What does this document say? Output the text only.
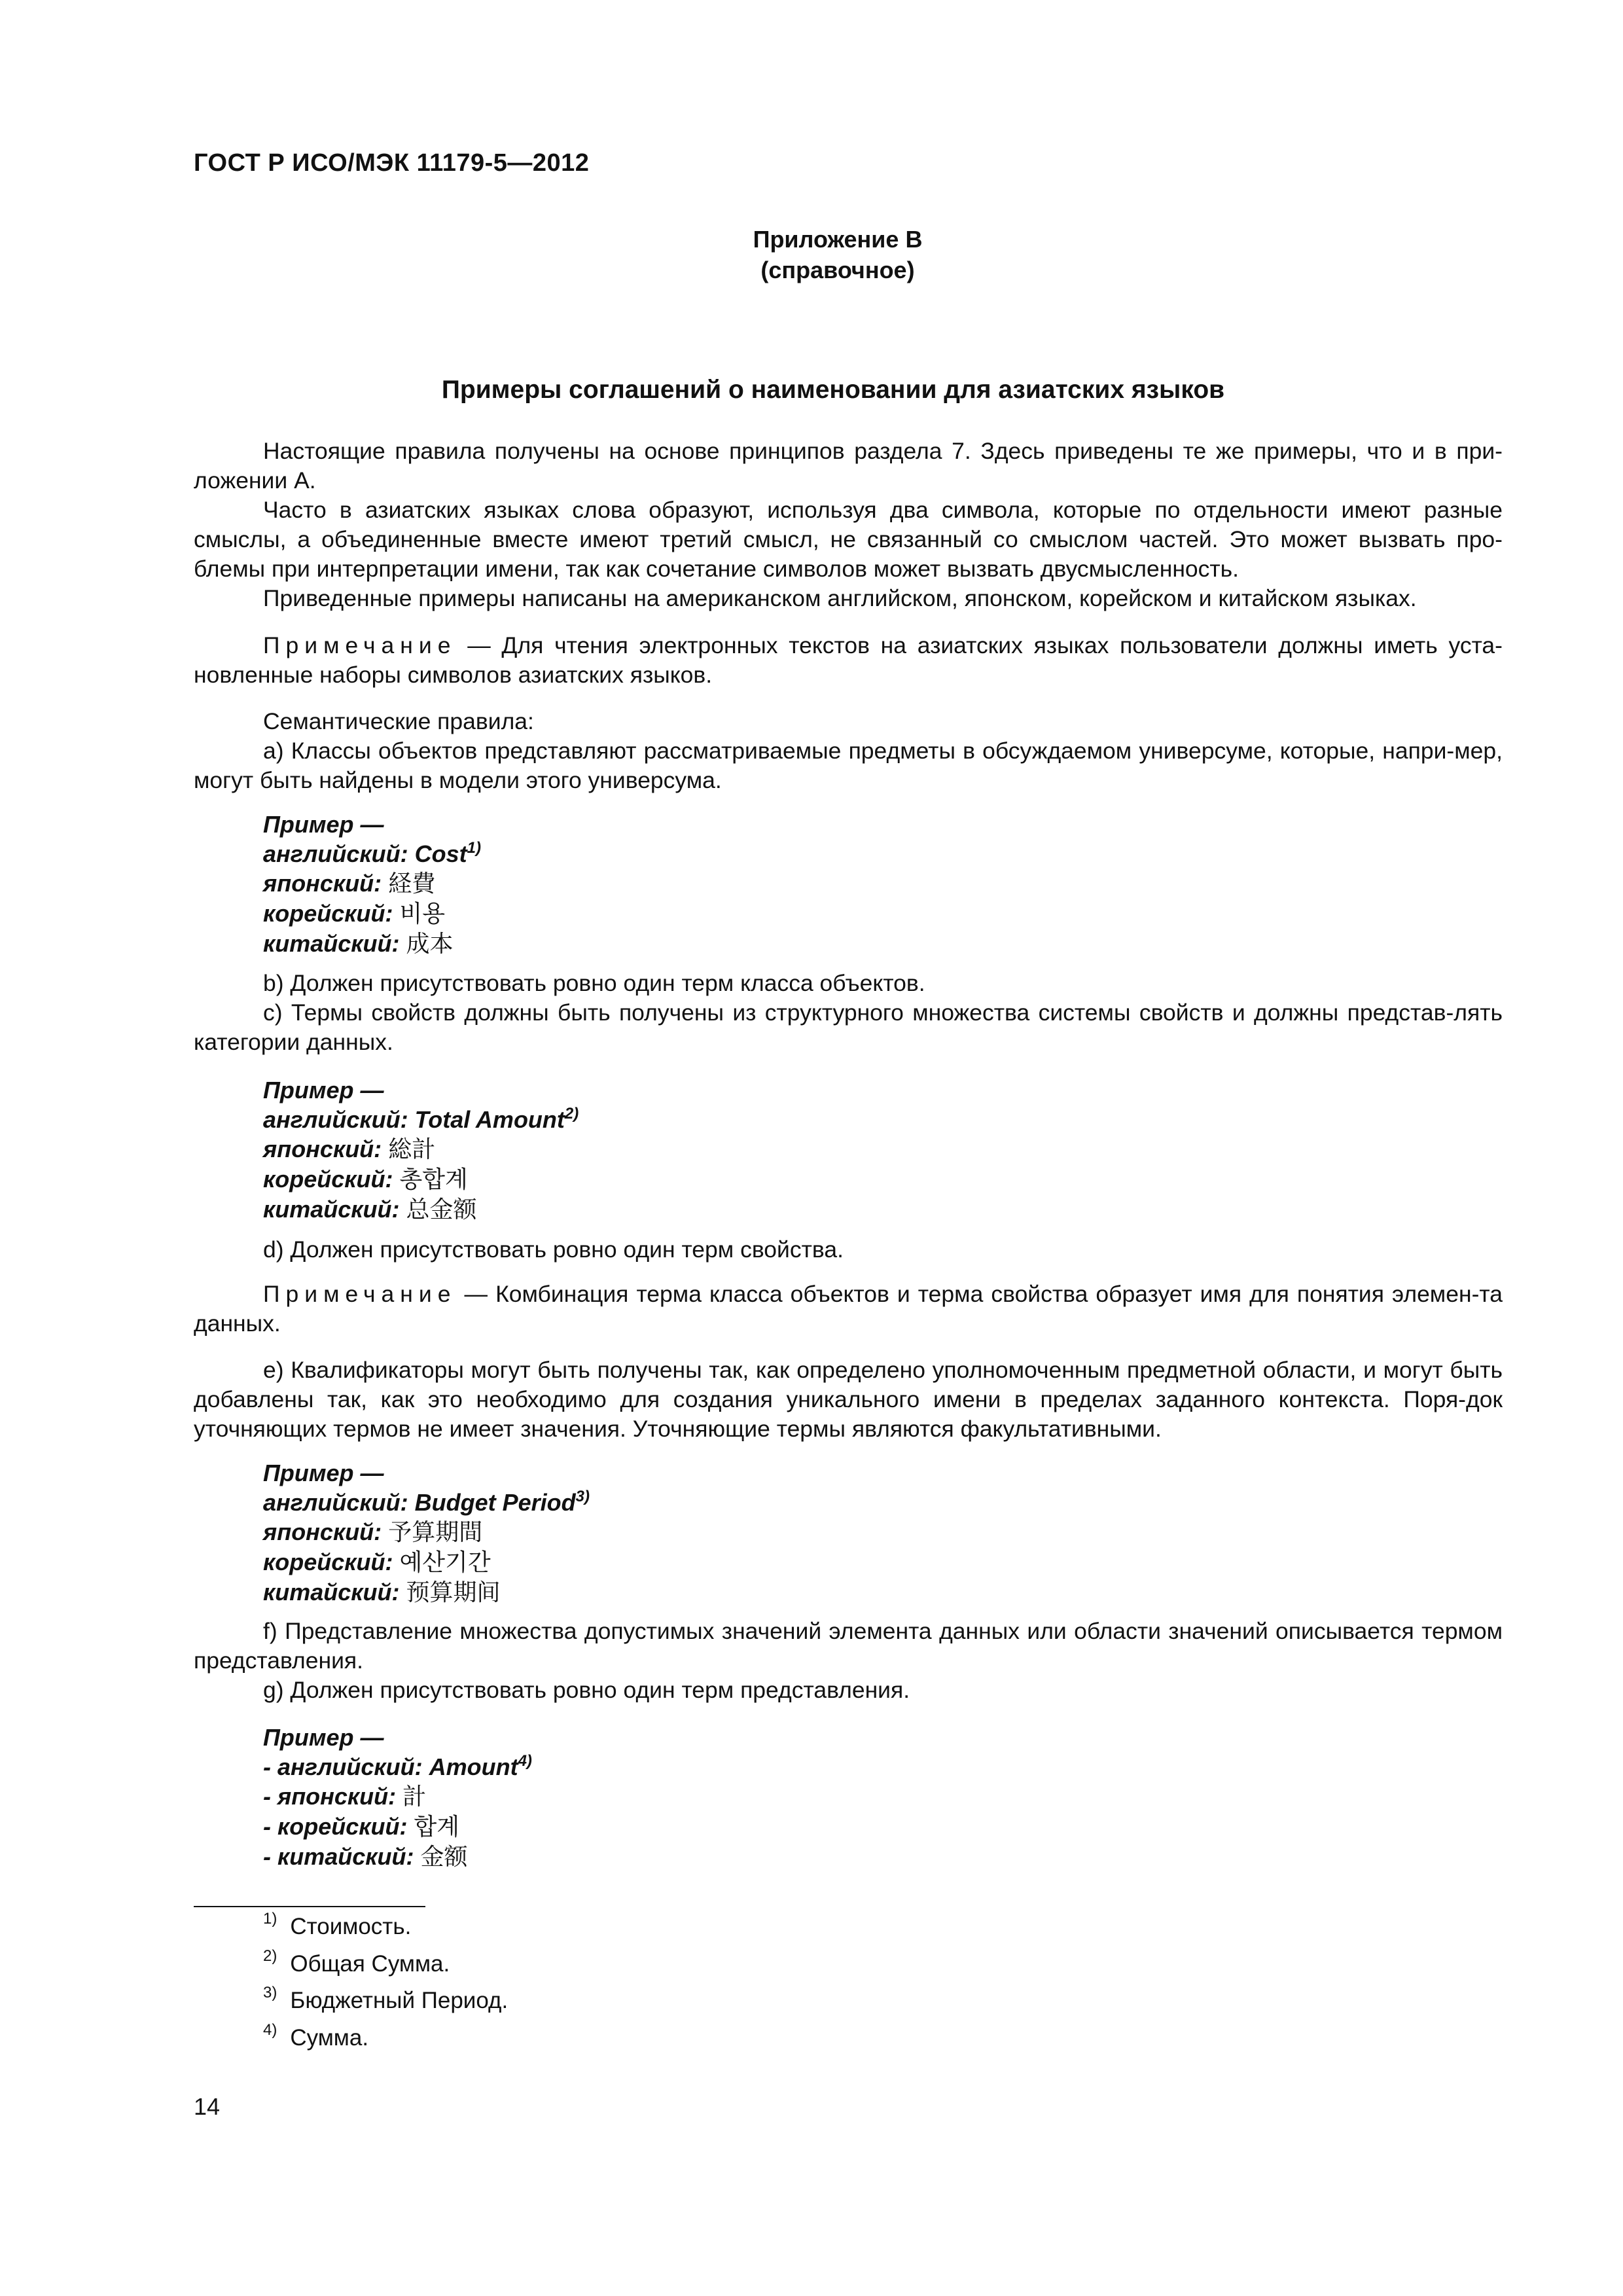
ГОСТ Р ИСО/МЭК 11179-5—2012
Приложение В
(справочное)
Примеры соглашений о наименовании для азиатских языков
Настоящие правила получены на основе принципов раздела 7. Здесь приведены те же примеры, что и в при-ложении А.
Часто в азиатских языках слова образуют, используя два символа, которые по отдельности имеют разные смыслы, а объединенные вместе имеют третий смысл, не связанный со смыслом частей. Это может вызвать про-блемы при интерпретации имени, так как сочетание символов может вызвать двусмысленность.
Приведенные примеры написаны на американском английском, японском, корейском и китайском языках.
Примечание — Для чтения электронных текстов на азиатских языках пользователи должны иметь уста-новленные наборы символов азиатских языков.
Семантические правила:
а) Классы объектов представляют рассматриваемые предметы в обсуждаемом универсуме, которые, напри-мер, могут быть найдены в модели этого универсума.
Пример —
английский: Cost$^{1)}$
японский: 経費
корейский: 비용
китайский: 成本
b) Должен присутствовать ровно один терм класса объектов.
с) Термы свойств должны быть получены из структурного множества системы свойств и должны представ-лять категории данных.
Пример —
английский: Total Amount$^{2)}$
японский: 総計
корейский: 총합계
китайский: 总金额
d) Должен присутствовать ровно один терм свойства.
Примечание — Комбинация терма класса объектов и терма свойства образует имя для понятия элемен-та данных.
е) Квалификаторы могут быть получены так, как определено уполномоченным предметной области, и могут быть добавлены так, как это необходимо для создания уникального имени в пределах заданного контекста. Поря-док уточняющих термов не имеет значения. Уточняющие термы являются факультативными.
Пример —
английский: Budget Period$^{3)}$
японский: 予算期間
корейский: 예산기간
китайский: 预算期间
f) Представление множества допустимых значений элемента данных или области значений описывается термом представления.
g) Должен присутствовать ровно один терм представления.
Пример —
- английский: Amount$^{4)}$
- японский: 計
- корейский: 합계
- китайский: 金额
$^{1)}$ Стоимость.
$^{2)}$ Общая Сумма.
$^{3)}$ Бюджетный Период.
$^{4)}$ Сумма.
14
